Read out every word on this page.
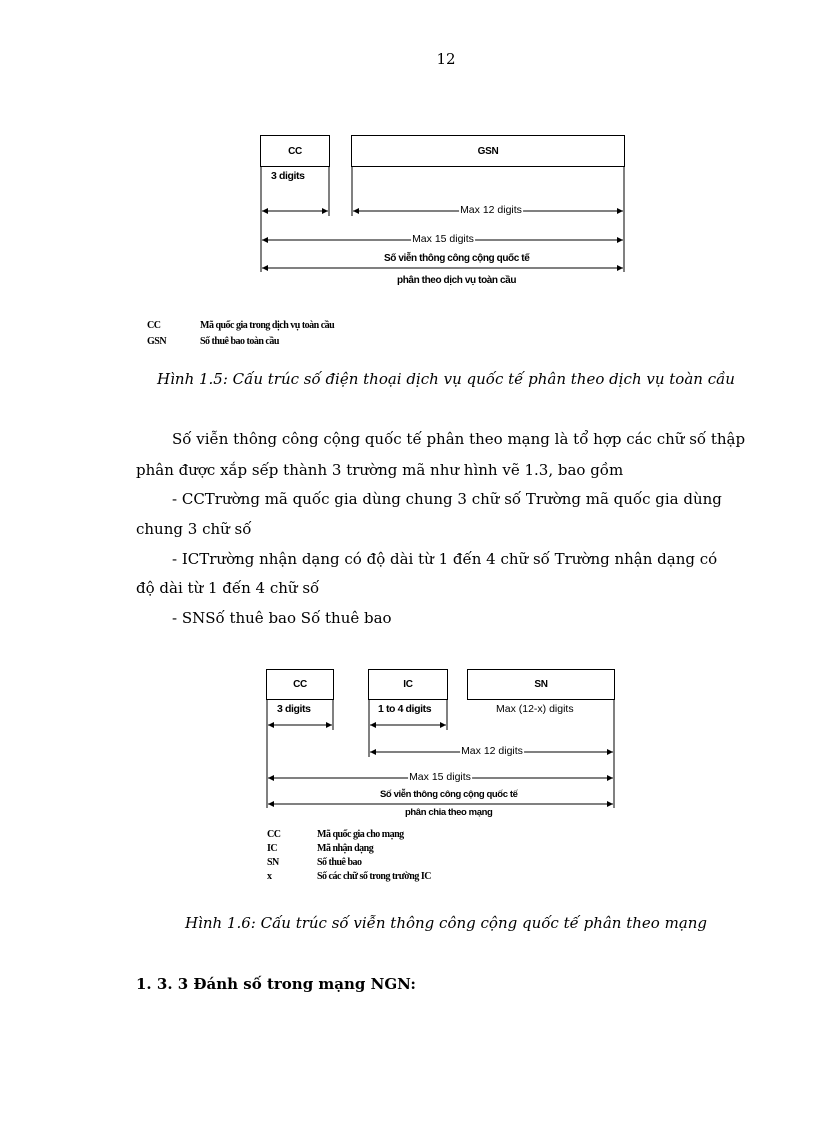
12
CC	GSN
3 digits
Max 12 digits
Max 15 digits
Số viễn thông công cộng quốc tế
phân theo dịch vụ toàn cầu
CC	Mã quốc gia trong dịch vụ toàn cầu
GSN	Số thuê bao toàn cầu
Hình 1.5: Cấu trúc số điện thoại dịch vụ quốc tế phân theo dịch vụ toàn cầu
Số viễn thông công cộng quốc tế phân theo mạng là tổ hợp các chữ số thập
phân được xắp sếp thành 3 trường mã như hình vẽ 1.3, bao gồm
- CCTrường mã quốc gia dùng chung 3 chữ số Trường mã quốc gia dùng
chung 3 chữ số
- ICTrường nhận dạng có độ dài từ 1 đến 4 chữ số Trường nhận dạng có
độ dài từ 1 đến 4 chữ số
- SNSố thuê bao Số thuê bao
CC	IC	SN
3 digits	1 to 4 digits	Max (12-x) digits
Max 12 digits
Max 15 digits
Số viễn thông công cộng quốc tế
phân chia theo mạng
CC	Mã quốc gia cho mạng
IC	Mã nhận dạng
SN	Số thuê bao
x	Số các chữ số trong trường IC
Hình 1.6: Cấu trúc số viễn thông công cộng quốc tế phân theo mạng
1. 3. 3 Đánh số trong mạng NGN:
